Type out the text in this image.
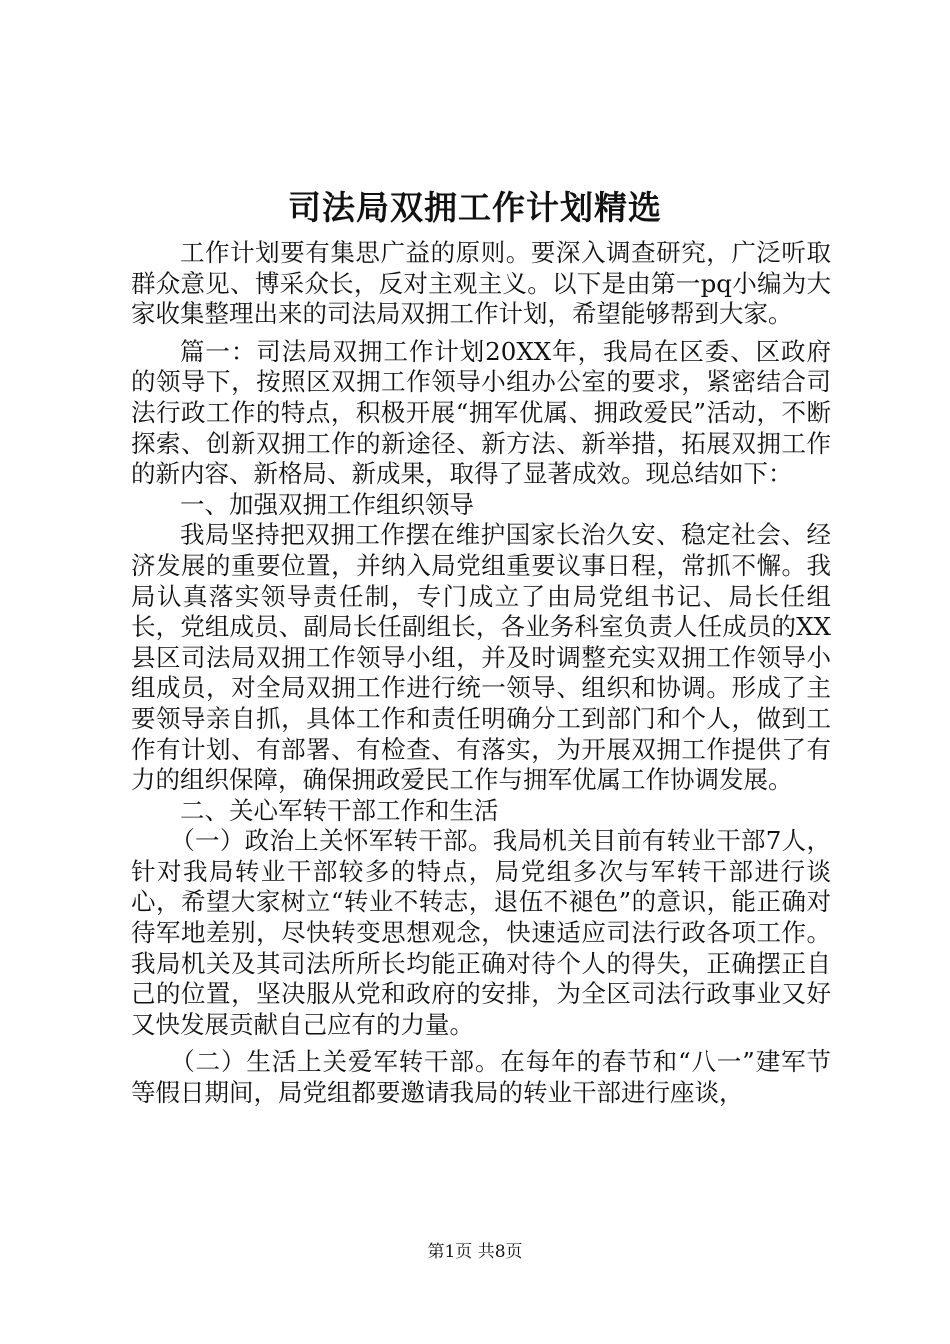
司法局双拥工作计划精选

工作计划要有集思广益的原则。要深入调查研究，广泛听取群众意见、博采众长，反对主观主义。以下是由第一pq小编为大家收集整理出来的司法局双拥工作计划，希望能够帮到大家。

篇一：司法局双拥工作计划20XX年，我局在区委、区政府的领导下，按照区双拥工作领导小组办公室的要求，紧密结合司法行政工作的特点，积极开展“拥军优属、拥政爱民”活动，不断探索、创新双拥工作的新途径、新方法、新举措，拓展双拥工作的新内容、新格局、新成果，取得了显著成效。现总结如下：

一、加强双拥工作组织领导

我局坚持把双拥工作摆在维护国家长治久安、稳定社会、经济发展的重要位置，并纳入局党组重要议事日程，常抓不懈。我局认真落实领导责任制，专门成立了由局党组书记、局长任组长，党组成员、副局长任副组长，各业务科室负责人任成员的XX县区司法局双拥工作领导小组，并及时调整充实双拥工作领导小组成员，对全局双拥工作进行统一领导、组织和协调。形成了主要领导亲自抓，具体工作和责任明确分工到部门和个人，做到工作有计划、有部署、有检查、有落实，为开展双拥工作提供了有力的组织保障，确保拥政爱民工作与拥军优属工作协调发展。

二、关心军转干部工作和生活

（一）政治上关怀军转干部。我局机关目前有转业干部7人，针对我局转业干部较多的特点，局党组多次与军转干部进行谈心，希望大家树立“转业不转志，退伍不褪色”的意识，能正确对待军地差别，尽快转变思想观念，快速适应司法行政各项工作。我局机关及其司法所所长均能正确对待个人的得失，正确摆正自己的位置，坚决服从党和政府的安排，为全区司法行政事业又好又快发展贡献自己应有的力量。

（二）生活上关爱军转干部。在每年的春节和“八一”建军节等假日期间，局党组都要邀请我局的转业干部进行座谈，

第1页 共8页
